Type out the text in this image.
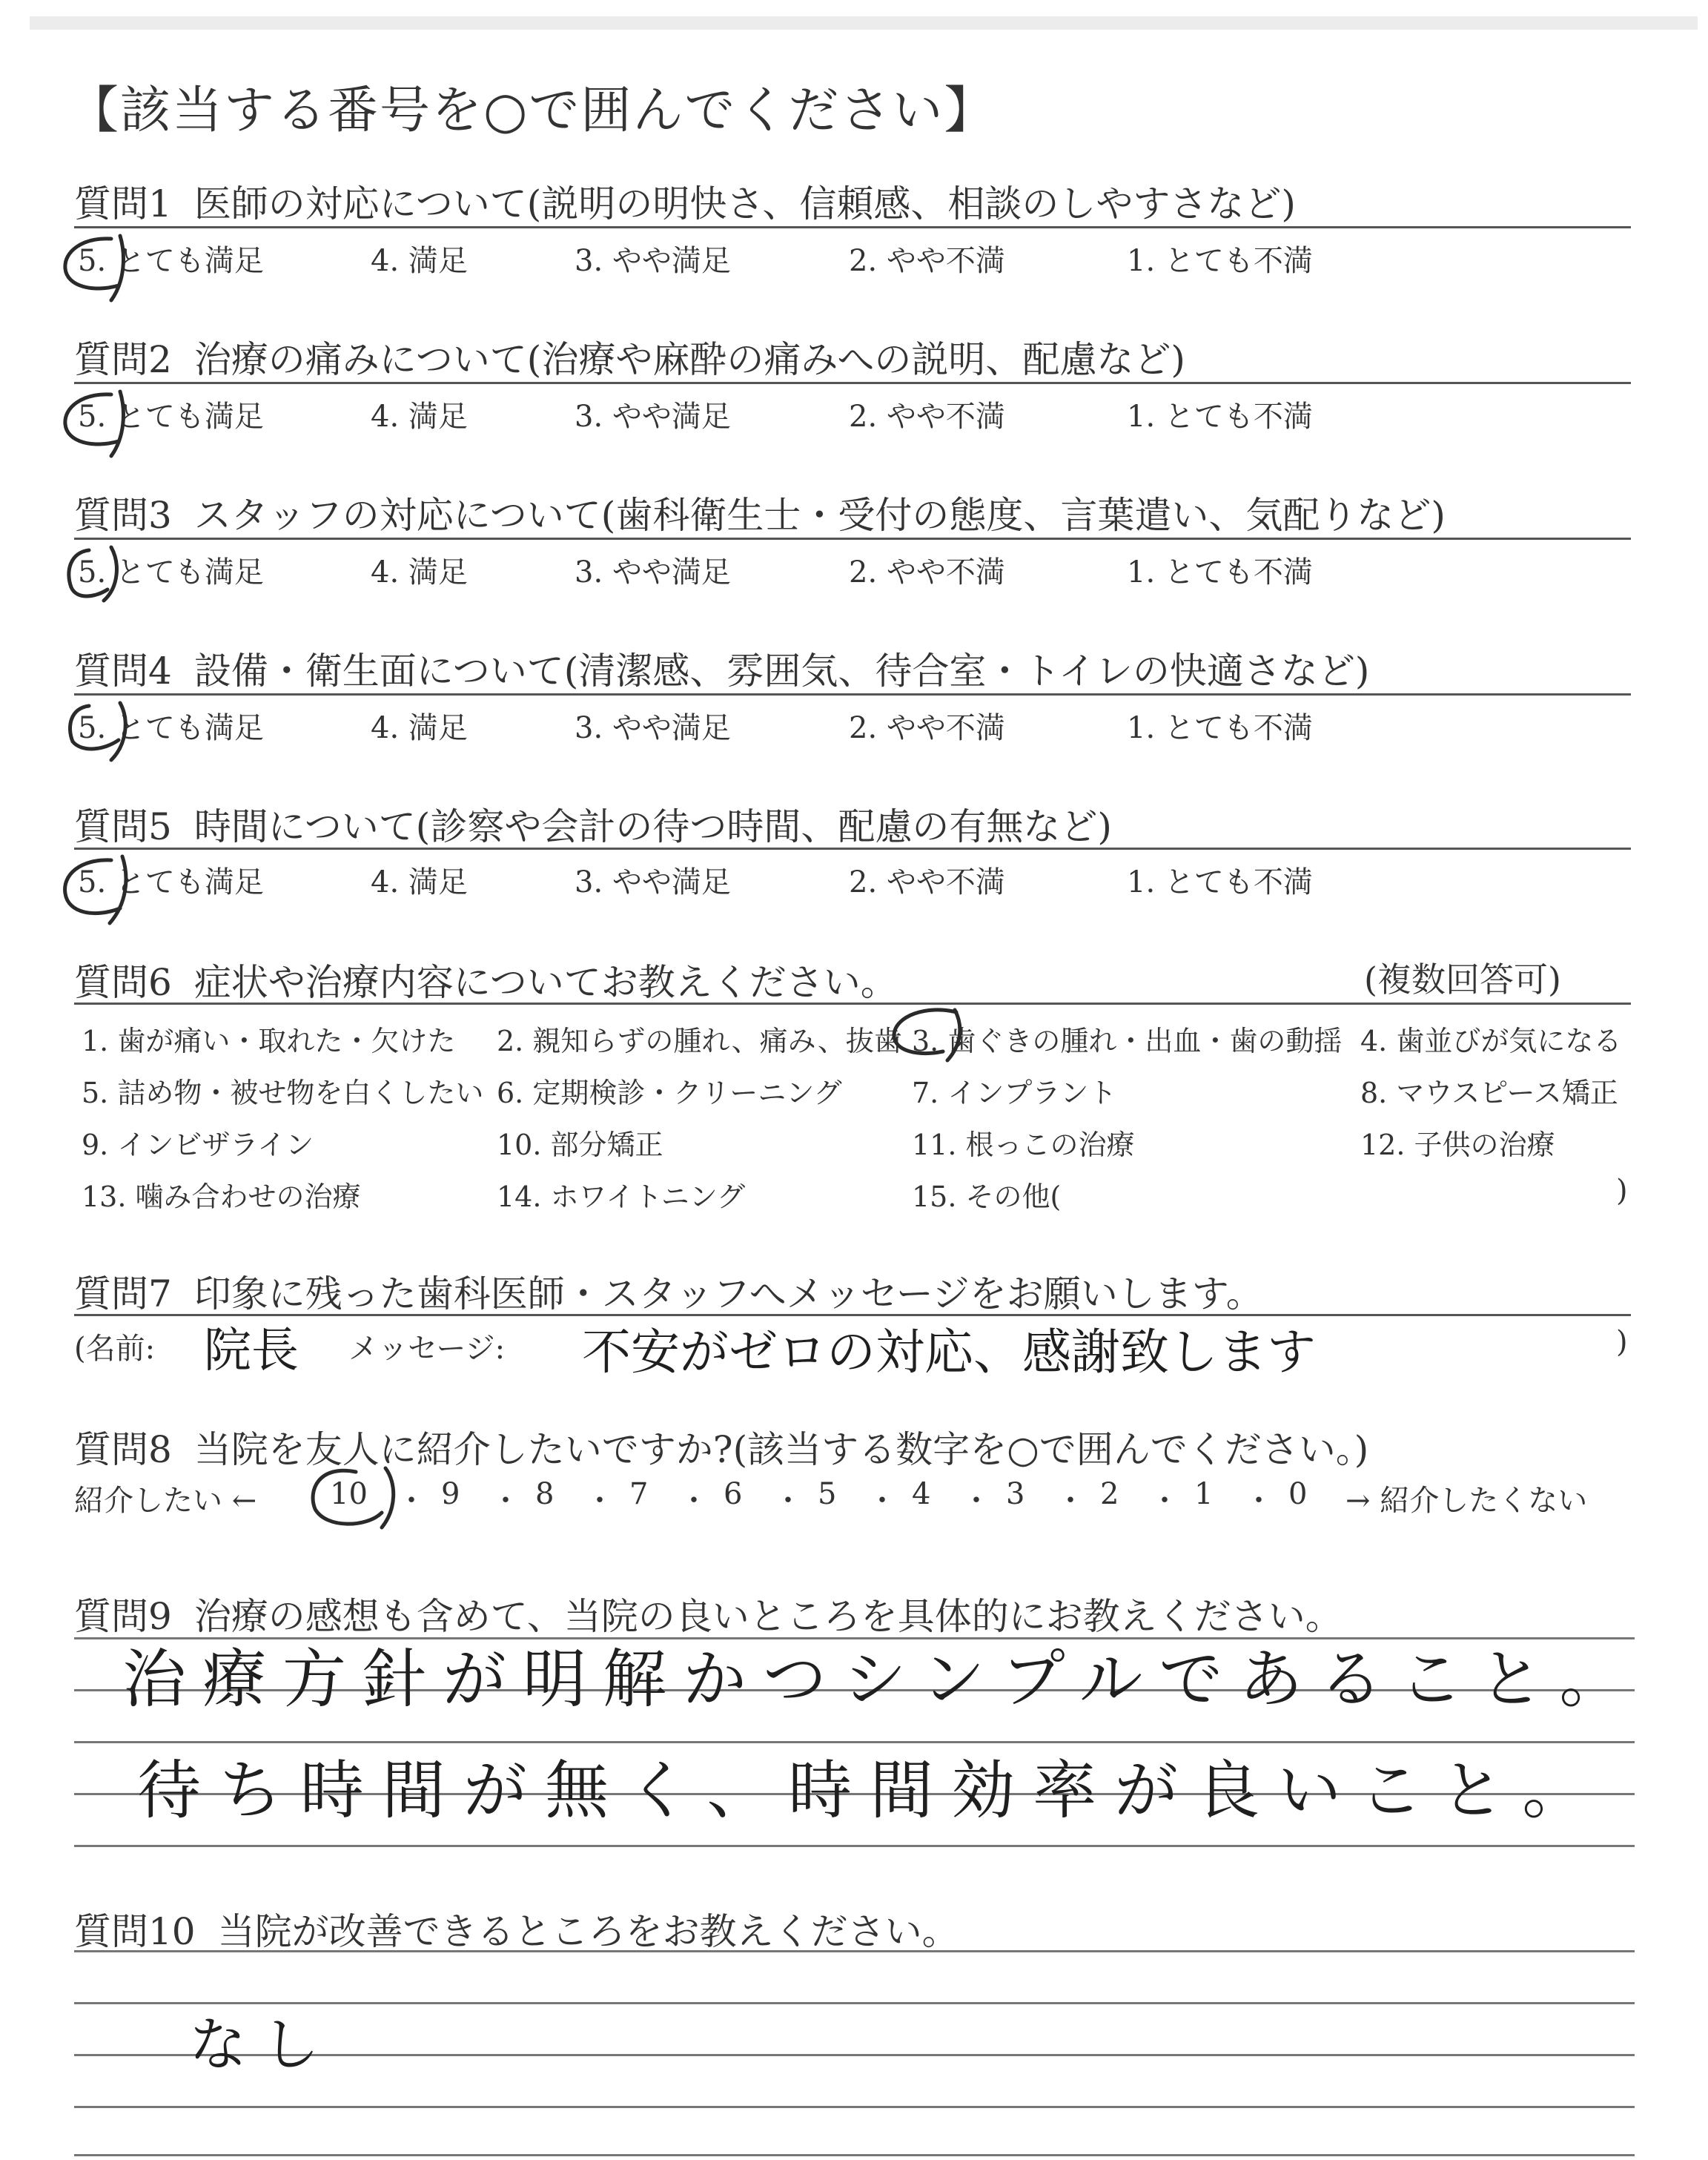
【該当する番号を○で囲んでください】
質問1 医師の対応について(説明の明快さ、信頼感、相談のしやすさなど)
5. とても満足	4. 満足	3. やや満足	2. やや不満	1. とても不満
質問2 治療の痛みについて(治療や麻酔の痛みへの説明、配慮など)
5. とても満足	4. 満足	3. やや満足	2. やや不満	1. とても不満
質問3 スタッフの対応について(歯科衛生士・受付の態度、言葉遣い、気配りなど)
5. とても満足	4. 満足	3. やや満足	2. やや不満	1. とても不満
質問4 設備・衛生面について(清潔感、雰囲気、待合室・トイレの快適さなど)
5. とても満足	4. 満足	3. やや満足	2. やや不満	1. とても不満
質問5 時間について(診察や会計の待つ時間、配慮の有無など)
5. とても満足	4. 満足	3. やや満足	2. やや不満	1. とても不満
質問6 症状や治療内容についてお教えください。	(複数回答可)
1. 歯が痛い・取れた・欠けた 2. 親知らずの腫れ、痛み、抜歯 3. 歯ぐきの腫れ・出血・歯の動揺 4. 歯並びが気になる
5. 詰め物・被せ物を白くしたい 6. 定期検診・クリーニング 7. インプラント	8. マウスピース矯正
9. インビザライン	10. 部分矯正	11. 根っこの治療	12. 子供の治療
13. 噛み合わせの治療	14. ホワイトニング	15. その他(	)
質問7 印象に残った歯科医師・スタッフへメッセージをお願いします。
(名前: 院長 メッセージ: 不安がゼロの対応、感謝致します	)
質問8 当院を友人に紹介したいですか?(該当する数字を○で囲んでください。)
紹介したい ← 10 9	8	7	6	5	4	3	2	1	0 → 紹介したくない
・ ・ ・ ・ ・ ・ ・ ・ ・ ・
質問9 治療の感想も含めて、当院の良いところを具体的にお教えください。
治療方針が明解かつシンプルであること。
待ち時間が無く、時間効率が良いこと。
質問10 当院が改善できるところをお教えください。
なし
